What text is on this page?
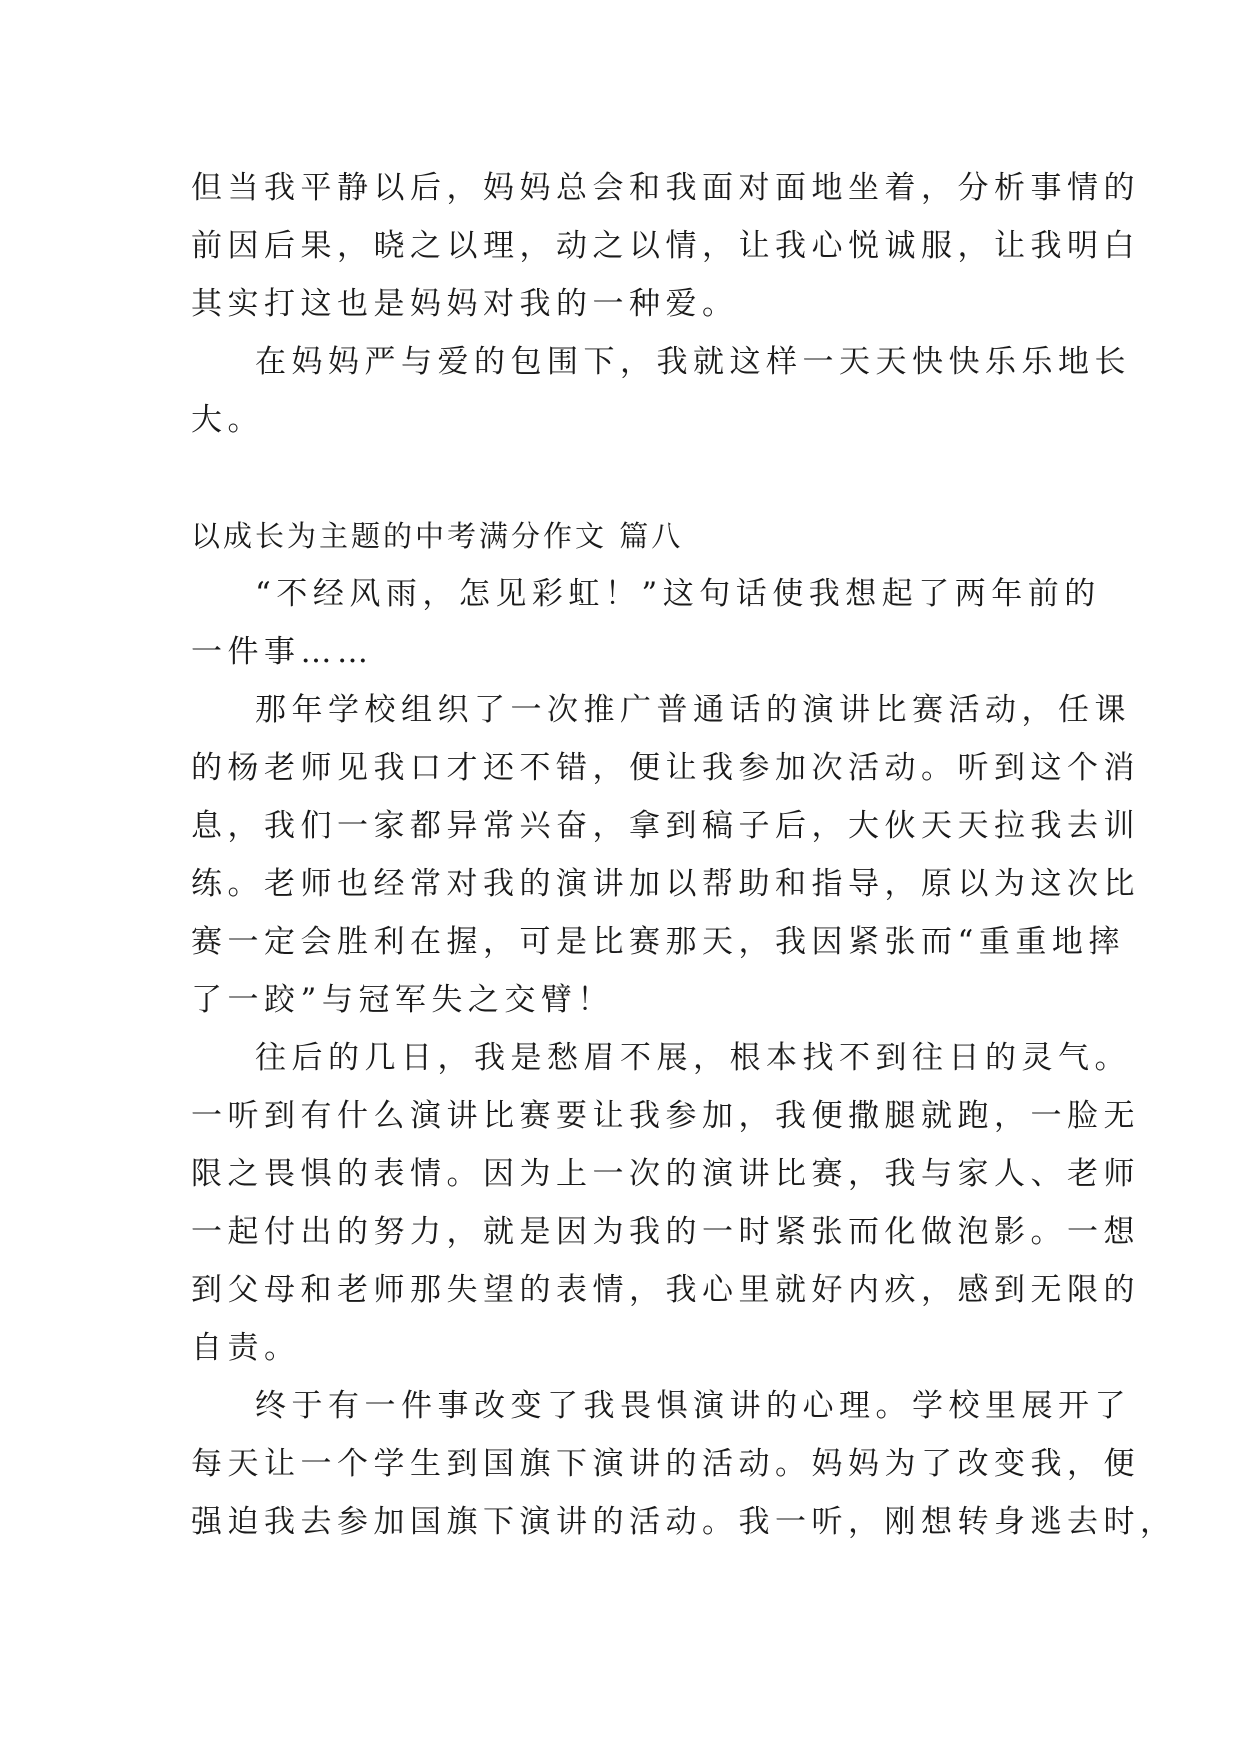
但当我平静以后，妈妈总会和我面对面地坐着，分析事情的
前因后果，晓之以理，动之以情，让我心悦诚服，让我明白
其实打这也是妈妈对我的一种爱。
在妈妈严与爱的包围下，我就这样一天天快快乐乐地长
大。
以成长为主题的中考满分作文 篇八
“不经风雨，怎见彩虹！”这句话使我想起了两年前的
一件事……
那年学校组织了一次推广普通话的演讲比赛活动，任课
的杨老师见我口才还不错，便让我参加次活动。听到这个消
息，我们一家都异常兴奋，拿到稿子后，大伙天天拉我去训
练。老师也经常对我的演讲加以帮助和指导，原以为这次比
赛一定会胜利在握，可是比赛那天，我因紧张而“重重地摔
了一跤”与冠军失之交臂！
往后的几日，我是愁眉不展，根本找不到往日的灵气。
一听到有什么演讲比赛要让我参加，我便撒腿就跑，一脸无
限之畏惧的表情。因为上一次的演讲比赛，我与家人、老师
一起付出的努力，就是因为我的一时紧张而化做泡影。一想
到父母和老师那失望的表情，我心里就好内疚，感到无限的
自责。
终于有一件事改变了我畏惧演讲的心理。学校里展开了
每天让一个学生到国旗下演讲的活动。妈妈为了改变我，便
强迫我去参加国旗下演讲的活动。我一听，刚想转身逃去时，
